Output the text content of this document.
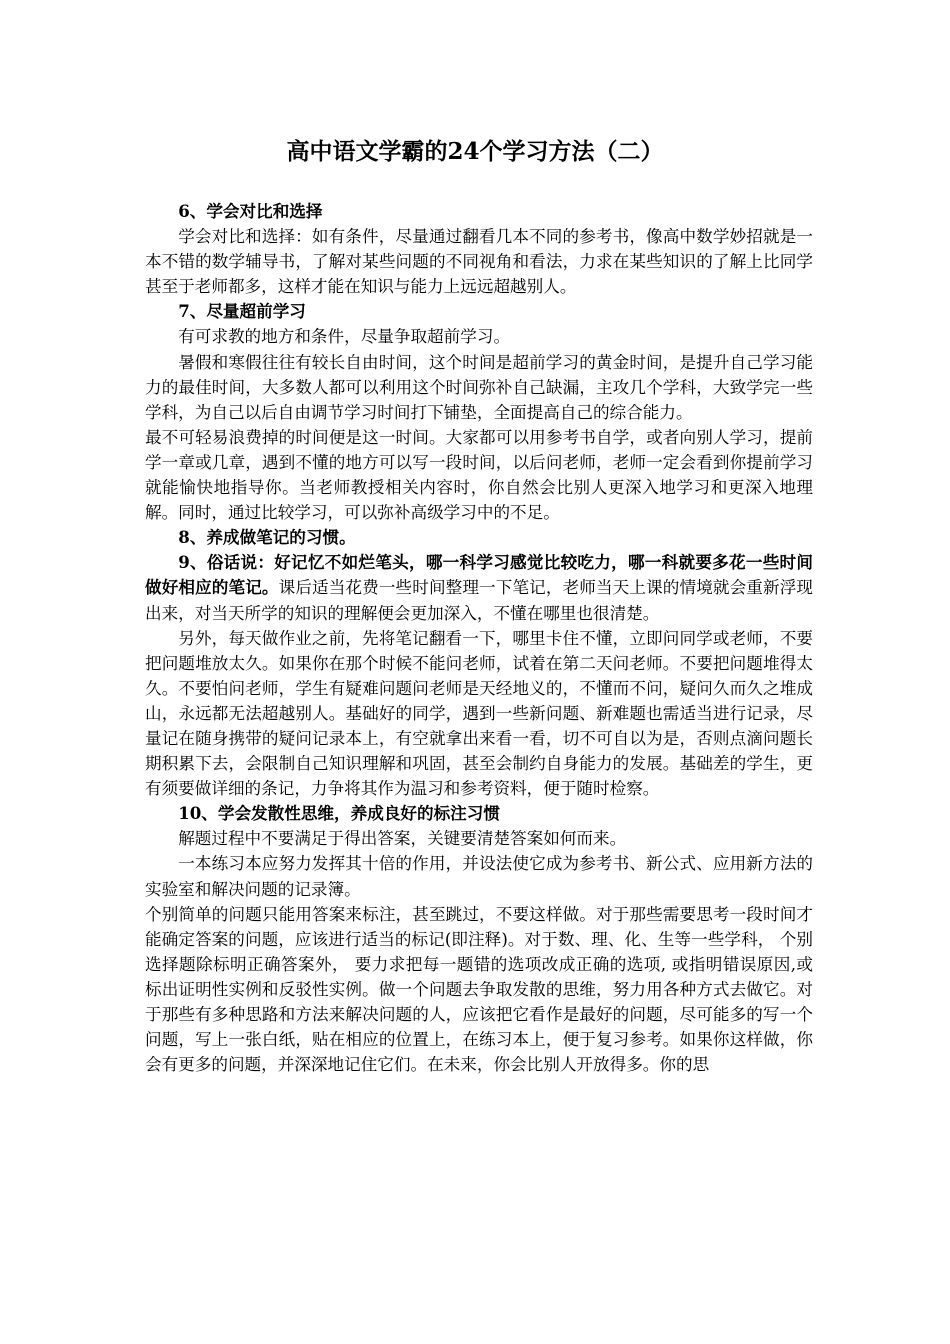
高中语文学霸的24个学习方法（二）

6、学会对比和选择

学会对比和选择：如有条件，尽量通过翻看几本不同的参考书，像高中数学妙招就是一本不错的数学辅导书，了解对某些问题的不同视角和看法，力求在某些知识的了解上比同学甚至于老师都多，这样才能在知识与能力上远远超越别人。

7、尽量超前学习

有可求教的地方和条件，尽量争取超前学习。

暑假和寒假往往有较长自由时间，这个时间是超前学习的黄金时间，是提升自己学习能力的最佳时间，大多数人都可以利用这个时间弥补自己缺漏，主攻几个学科，大致学完一些学科，为自己以后自由调节学习时间打下铺垫，全面提高自己的综合能力。

最不可轻易浪费掉的时间便是这一时间。大家都可以用参考书自学，或者向别人学习，提前学一章或几章，遇到不懂的地方可以写一段时间，以后问老师，老师一定会看到你提前学习就能愉快地指导你。当老师教授相关内容时，你自然会比别人更深入地学习和更深入地理解。同时，通过比较学习，可以弥补高级学习中的不足。

8、养成做笔记的习惯。

9、俗话说：好记忆不如烂笔头，哪一科学习感觉比较吃力，哪一科就要多花一些时间做好相应的笔记。课后适当花费一些时间整理一下笔记，老师当天上课的情境就会重新浮现出来，对当天所学的知识的理解便会更加深入，不懂在哪里也很清楚。

另外，每天做作业之前，先将笔记翻看一下，哪里卡住不懂，立即问同学或老师，不要把问题堆放太久。如果你在那个时候不能问老师，试着在第二天问老师。不要把问题堆得太久。不要怕问老师，学生有疑难问题问老师是天经地义的，不懂而不问，疑问久而久之堆成山，永远都无法超越别人。基础好的同学，遇到一些新问题、新难题也需适当进行记录，尽量记在随身携带的疑问记录本上，有空就拿出来看一看，切不可自以为是，否则点滴问题长期积累下去，会限制自己知识理解和巩固，甚至会制约自身能力的发展。基础差的学生，更有须要做详细的条记，力争将其作为温习和参考资料，便于随时检察。

10、学会发散性思维，养成良好的标注习惯

解题过程中不要满足于得出答案，关键要清楚答案如何而来。

一本练习本应努力发挥其十倍的作用，并设法使它成为参考书、新公式、应用新方法的实验室和解决问题的记录簿。

个别简单的问题只能用答案来标注，甚至跳过，不要这样做。对于那些需要思考一段时间才能确定答案的问题，应该进行适当的标记(即注释)。对于数、理、化、生等一些学科， 个别选择题除标明正确答案外， 要力求把每一题错的选项改成正确的选项, 或指明错误原因,或标出证明性实例和反驳性实例。做一个问题去争取发散的思维，努力用各种方式去做它。对于那些有多种思路和方法来解决问题的人，应该把它看作是最好的问题，尽可能多的写一个问题，写上一张白纸，贴在相应的位置上，在练习本上，便于复习参考。如果你这样做，你会有更多的问题，并深深地记住它们。在未来，你会比别人开放得多。你的思
